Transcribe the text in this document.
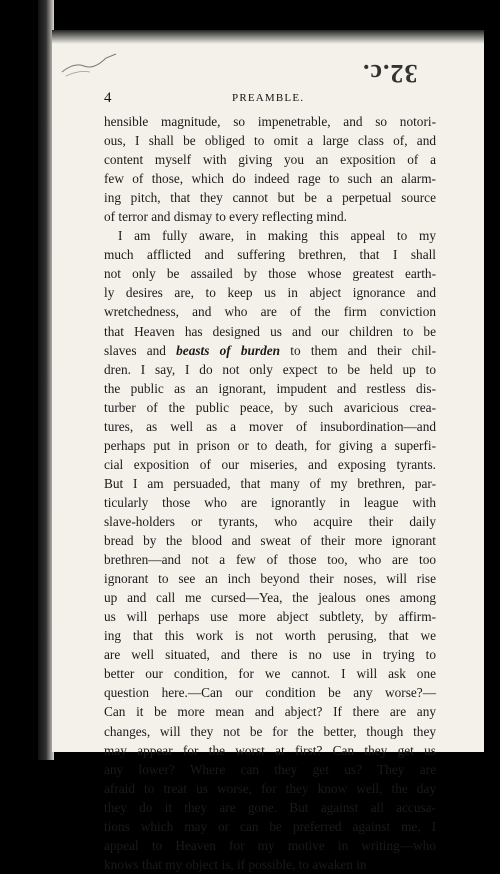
32.c.
4	PREAMBLE.
hensible magnitude, so impenetrable, and so notori-
ous, I shall be obliged to omit a large class of, and
content myself with giving you an exposition of a
few of those, which do indeed rage to such an alarm-
ing pitch, that they cannot but be a perpetual source
of terror and dismay to every reflecting mind.
I am fully aware, in making this appeal to my
much afflicted and suffering brethren, that I shall
not only be assailed by those whose greatest earth-
ly desires are, to keep us in abject ignorance and
wretchedness, and who are of the firm conviction
that Heaven has designed us and our children to be
slaves and beasts of burden to them and their chil-
dren. I say, I do not only expect to be held up to
the public as an ignorant, impudent and restless dis-
turber of the public peace, by such avaricious crea-
tures, as well as a mover of insubordination—and
perhaps put in prison or to death, for giving a superfi-
cial exposition of our miseries, and exposing tyrants.
But I am persuaded, that many of my brethren, par-
ticularly those who are ignorantly in league with
slave-holders or tyrants, who acquire their daily
bread by the blood and sweat of their more ignorant
brethren—and not a few of those too, who are too
ignorant to see an inch beyond their noses, will rise
up and call me cursed—Yea, the jealous ones among
us will perhaps use more abject subtlety, by affirm-
ing that this work is not worth perusing, that we
are well situated, and there is no use in trying to
better our condition, for we cannot. I will ask one
question here.—Can our condition be any worse?—
Can it be more mean and abject? If there are any
changes, will they not be for the better, though they
may appear for the worst at first? Can they get us
any lower? Where can they get us? They are
afraid to treat us worse, for they know well, the day
they do it they are gone. But against all accusa-
tions which may or can be preferred against me, I
appeal to Heaven for my motive in writing—who
knows that my object is, if possible, to awaken in
